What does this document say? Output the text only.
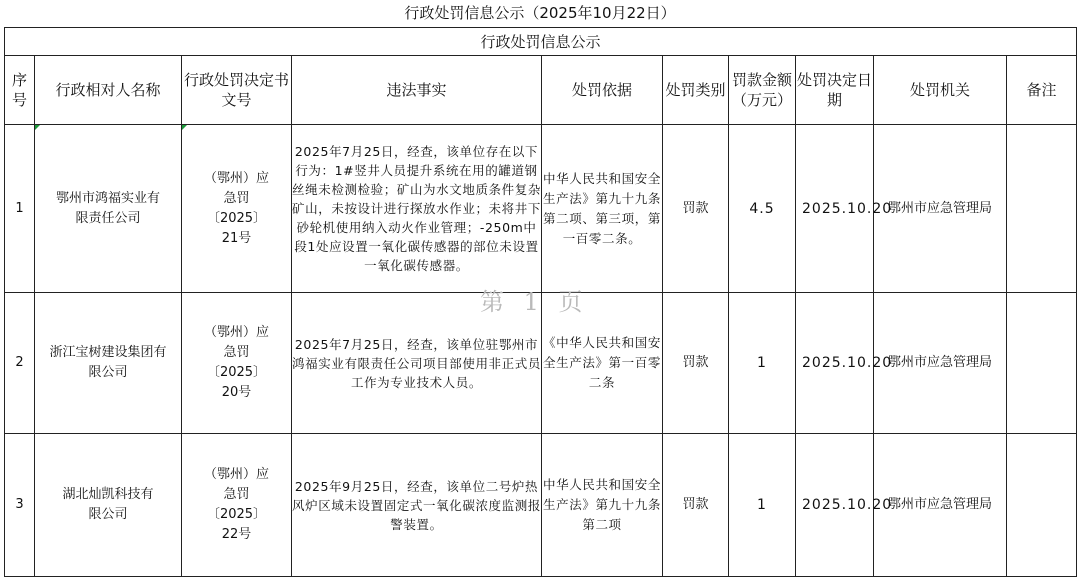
行政处罚信息公示（2025年10月22日）
行政处罚信息公示									
序号	行政相对人名称	行政处罚决定书文号	违法事实	处罚依据	处罚类别	罚款金额（万元）	处罚决定日期	处罚机关	备注
1	鄂州市鸿福实业有限责任公司	（鄂州）应急罚〔2025〕21号	2025年7月25日，经查，该单位存在以下行为：1#竖井人员提升系统在用的罐道钢丝绳未检测检验；矿山为水文地质条件复杂矿山，未按设计进行探放水作业；未将井下砂轮机使用纳入动火作业管理；-250m中段1处应设置一氧化碳传感器的部位未设置一氧化碳传感器。	中华人民共和国安全生产法》第九十九条第二项、第三项，第一百零二条。	罚款	4.5	2025.10.20	鄂州市应急管理局	
2	浙江宝树建设集团有限公司	（鄂州）应急罚〔2025〕20号	2025年7月25日，经查，该单位驻鄂州市鸿福实业有限责任公司项目部使用非正式员工作为专业技术人员。	《中华人民共和国安全生产法》第一百零二条	罚款	1	2025.10.20	鄂州市应急管理局	
3	湖北灿凯科技有限公司	（鄂州）应急罚〔2025〕22号	2025年9月25日，经查，该单位二号炉热风炉区域未设置固定式一氧化碳浓度监测报警装置。	中华人民共和国安全生产法》第九十九条第二项	罚款	1	2025.10.20	鄂州市应急管理局	
第 1 页
